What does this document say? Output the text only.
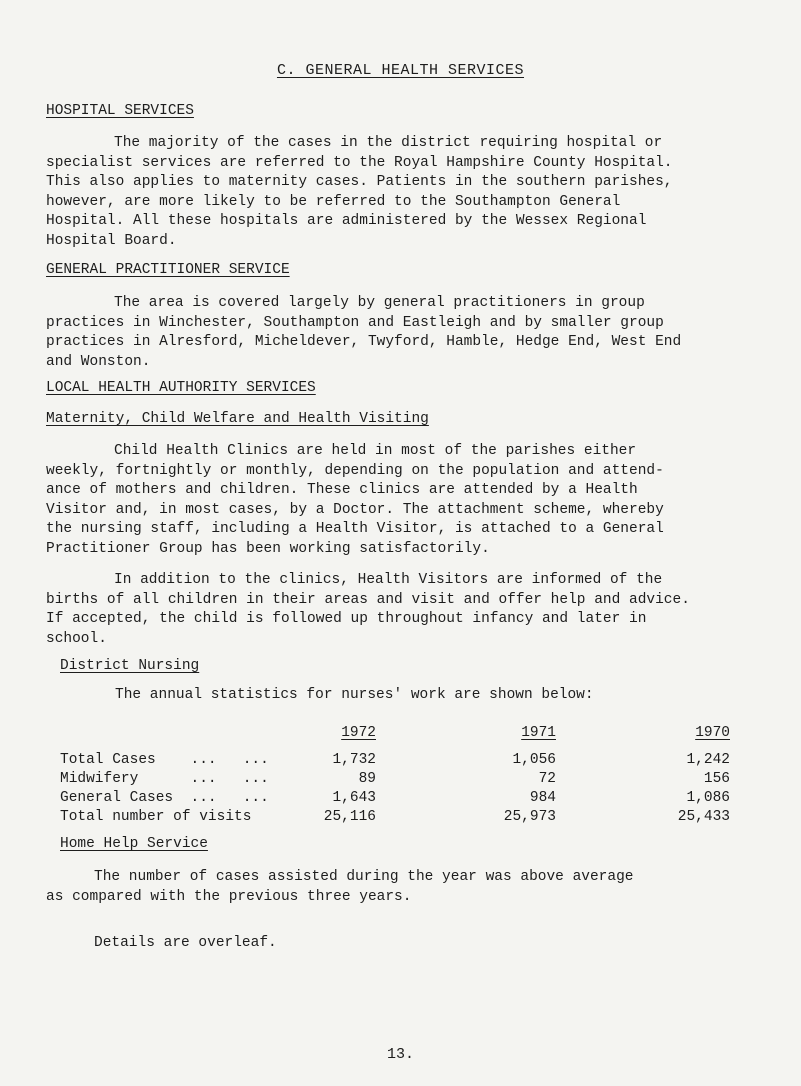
C. GENERAL HEALTH SERVICES
HOSPITAL SERVICES

The majority of the cases in the district requiring hospital or
specialist services are referred to the Royal Hampshire County Hospital.
This also applies to maternity cases. Patients in the southern parishes,
however, are more likely to be referred to the Southampton General
Hospital. All these hospitals are administered by the Wessex Regional
Hospital Board.

GENERAL PRACTITIONER SERVICE

The area is covered largely by general practitioners in group
practices in Winchester, Southampton and Eastleigh and by smaller group
practices in Alresford, Micheldever, Twyford, Hamble, Hedge End, West End
and Wonston.

LOCAL HEALTH AUTHORITY SERVICES
Maternity, Child Welfare and Health Visiting

Child Health Clinics are held in most of the parishes either
weekly, fortnightly or monthly, depending on the population and attend-
ance of mothers and children. These clinics are attended by a Health
Visitor and, in most cases, by a Doctor. The attachment scheme, whereby
the nursing staff, including a Health Visitor, is attached to a General
Practitioner Group has been working satisfactorily.

In addition to the clinics, Health Visitors are informed of the
births of all children in their areas and visit and offer help and advice.
If accepted, the child is followed up throughout infancy and later in
school.

District Nursing
The annual statistics for nurses' work are shown below:
1972	1971	1970
Total Cases    ...   ...	1,732	1,056	1,242
Midwifery      ...   ...	89	72	156
General Cases  ...   ...	1,643	984	1,086
Total number of visits	25,116	25,973	25,433
Home Help Service

The number of cases assisted during the year was above average
as compared with the previous three years.

Details are overleaf.
13.
